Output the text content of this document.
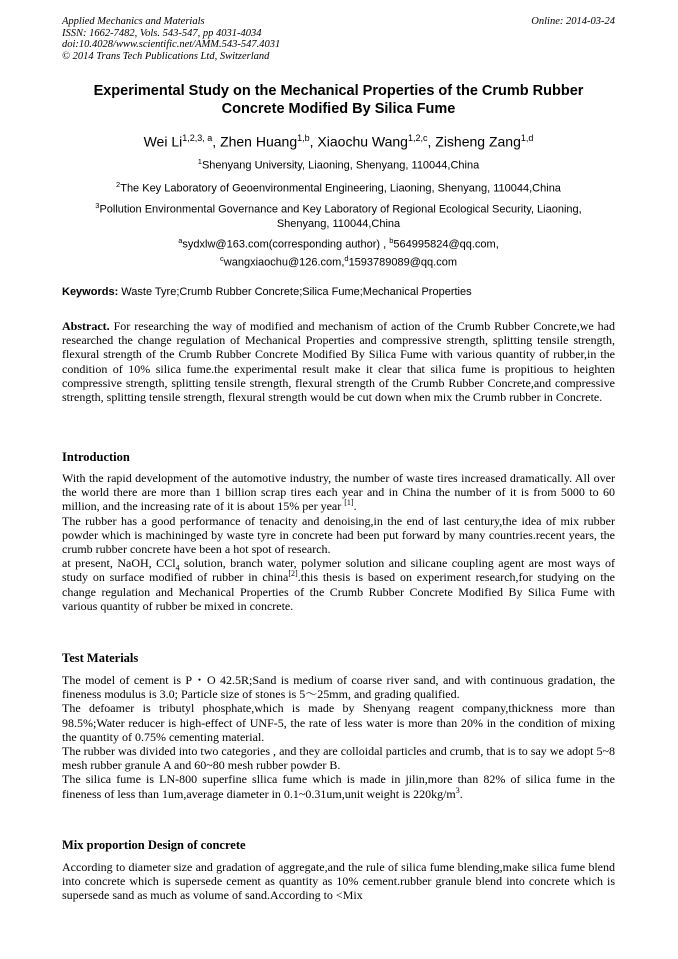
Applied Mechanics and Materials
ISSN: 1662-7482, Vols. 543-547, pp 4031-4034
doi:10.4028/www.scientific.net/AMM.543-547.4031
© 2014 Trans Tech Publications Ltd, Switzerland
Online: 2014-03-24
Experimental Study on the Mechanical Properties of the Crumb Rubber
Concrete Modified By Silica Fume
Wei Li$^{1,2,3, a}$, Zhen Huang$^{1,b}$, Xiaochu Wang$^{1,2,c}$, Zisheng Zang$^{1,d}$
$^1$Shenyang University, Liaoning, Shenyang, 110044,China
$^2$The Key Laboratory of Geoenvironmental Engineering, Liaoning, Shenyang, 110044,China
$^3$Pollution Environmental Governance and Key Laboratory of Regional Ecological Security, Liaoning,
Shenyang, 110044,China
$^a$sydxlw@163.com(corresponding author) , $^b$564995824@qq.com,
$^c$wangxiaochu@126.com,$^d$1593789089@qq.com
Keywords: Waste Tyre;Crumb Rubber Concrete;Silica Fume;Mechanical Properties

Abstract. For researching the way of modified and mechanism of action of the Crumb Rubber Concrete,we had researched the change regulation of Mechanical Properties and compressive strength, splitting tensile strength, flexural strength of the Crumb Rubber Concrete Modified By Silica Fume with various quantity of rubber,in the condition of 10% silica fume.the experimental result make it clear that silica fume is propitious to heighten compressive strength, splitting tensile strength, flexural strength of the Crumb Rubber Concrete,and compressive strength, splitting tensile strength, flexural strength would be cut down when mix the Crumb rubber in Concrete.

Introduction

With the rapid development of the automotive industry, the number of waste tires increased dramatically. All over the world there are more than 1 billion scrap tires each year and in China the number of it is from 5000 to 60 million, and the increasing rate of it is about 15% per year [1].

The rubber has a good performance of tenacity and denoising,in the end of last century,the idea of mix rubber powder which is machininged by waste tyre in concrete had been put forward by many countries.recent years, the crumb rubber concrete have been a hot spot of research.

at present, NaOH, CCl$_4$ solution, branch water, polymer solution and silicane coupling agent are most ways of study on surface modified of rubber in china[2].this thesis is based on experiment research,for studying on the change regulation and Mechanical Properties of the Crumb Rubber Concrete Modified By Silica Fume with various quantity of rubber be mixed in concrete.

Test Materials

The model of cement is P・O 42.5R;Sand is medium of coarse river sand, and with continuous gradation, the fineness modulus is 3.0; Particle size of stones is 5～25mm, and grading qualified.

The defoamer is tributyl phosphate,which is made by Shenyang reagent company,thickness more than 98.5%;Water reducer is high-effect of UNF-5, the rate of less water is more than 20% in the condition of mixing the quantity of 0.75% cementing material.

The rubber was divided into two categories , and they are colloidal particles and crumb, that is to say we adopt 5~8 mesh rubber granule A and 60~80 mesh rubber powder B.

The silica fume is LN-800 superfine sllica fume which is made in jilin,more than 82% of silica fume in the fineness of less than 1um,average diameter in 0.1~0.31um,unit weight is $220kg/m^3$.

Mix proportion Design of concrete

According to diameter size and gradation of aggregate,and the rule of silica fume blending,make silica fume blend into concrete which is supersede cement as quantity as 10% cement.rubber granule blend into concrete which is supersede sand as much as volume of sand.According to <Mix
